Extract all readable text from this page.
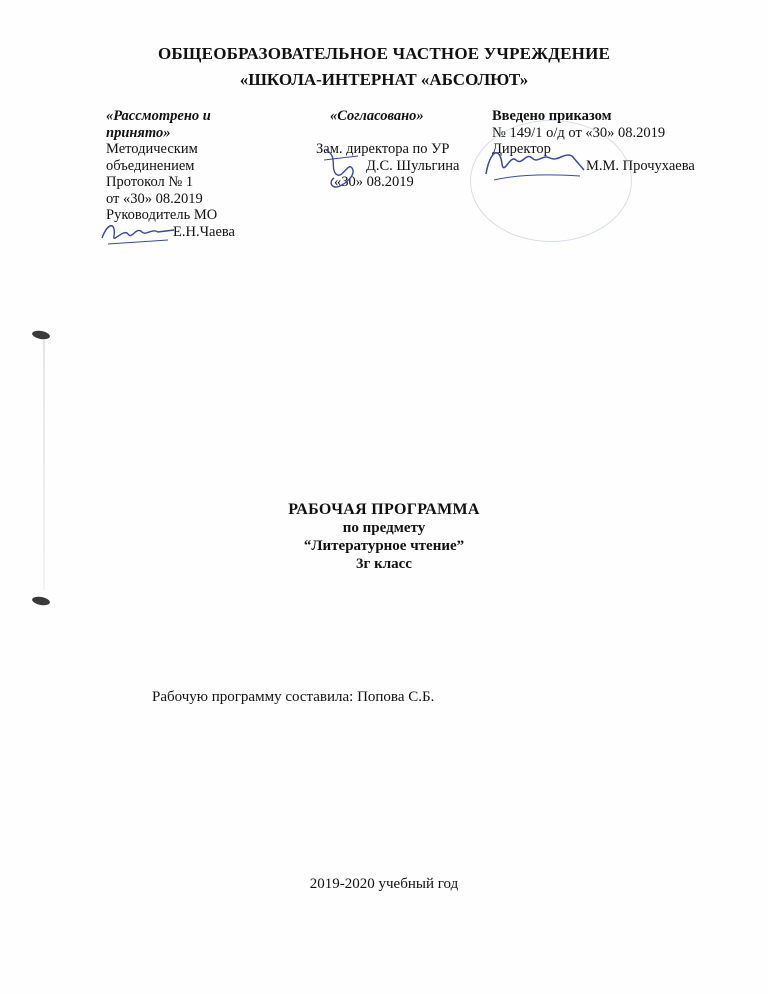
ОБЩЕОБРАЗОВАТЕЛЬНОЕ ЧАСТНОЕ УЧРЕЖДЕНИЕ
«ШКОЛА-ИНТЕРНАТ «АБСОЛЮТ»
«Рассмотрено и
принято»
Методическим
объединением
Протокол № 1
от «30» 08.2019
Руководитель МО
Е.Н.Чаева
«Согласовано»

Зам. директора по УР
Д.С. Шульгина
«30» 08.2019
Введено приказом
№ 149/1 о/д от «30» 08.2019
Директор
М.М. Прочухаева
РАБОЧАЯ ПРОГРАММА
по предмету
“Литературное чтение”
3г класс
Рабочую программу составила: Попова С.Б.
2019-2020 учебный год
